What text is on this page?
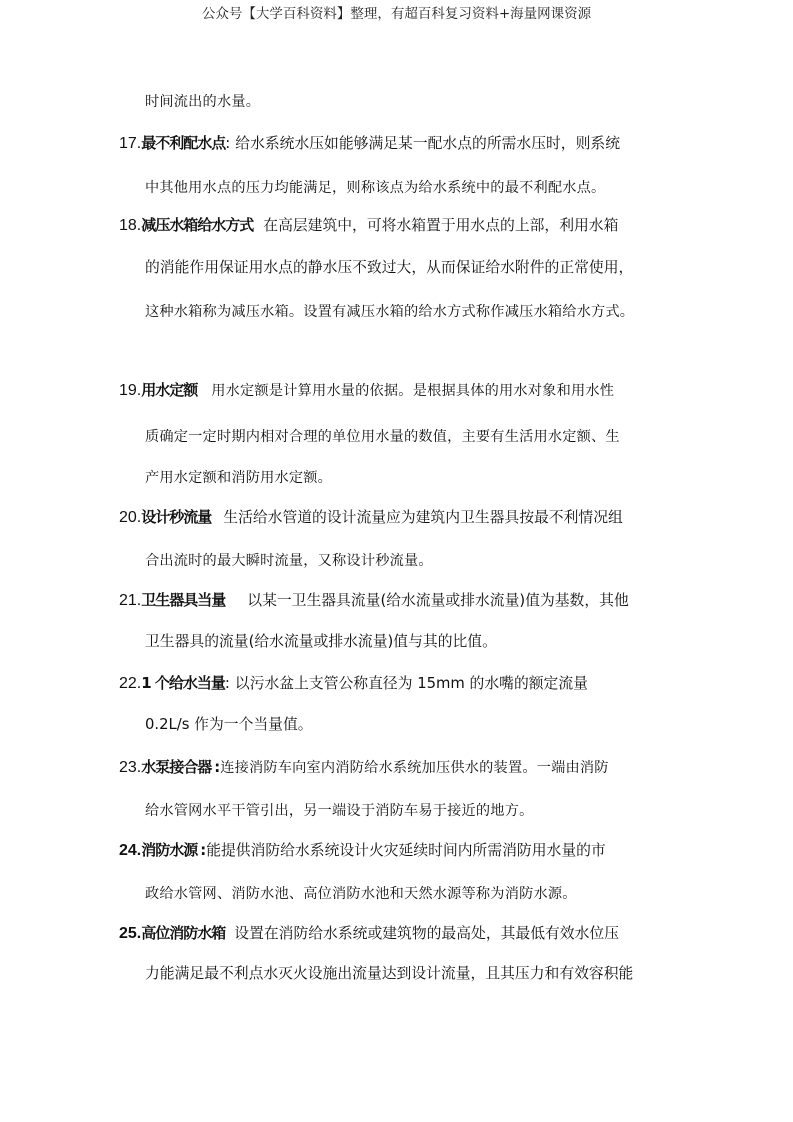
公众号【大学百科资料】整理，有超百科复习资料+海量网课资源
时间流出的水量。
17.最不利配水点: 给水系统水压如能够满足某一配水点的所需水压时，则系统
中其他用水点的压力均能满足，则称该点为给水系统中的最不利配水点。
18.减压水箱给水方式 在高层建筑中，可将水箱置于用水点的上部，利用水箱
的消能作用保证用水点的静水压不致过大，从而保证给水附件的正常使用，
这种水箱称为减压水箱。设置有减压水箱的给水方式称作减压水箱给水方式。
19.用水定额 用水定额是计算用水量的依据。是根据具体的用水对象和用水性
质确定一定时期内相对合理的单位用水量的数值，主要有生活用水定额、生
产用水定额和消防用水定额。
20.设计秒流量 生活给水管道的设计流量应为建筑内卫生器具按最不利情况组
合出流时的最大瞬时流量，又称设计秒流量。
21.卫生器具当量 以某一卫生器具流量(给水流量或排水流量)值为基数，其他
卫生器具的流量(给水流量或排水流量)值与其的比值。
22.1 个给水当量: 以污水盆上支管公称直径为 15mm 的水嘴的额定流量
0.2L/s 作为一个当量值。
23.水泵接合器 :连接消防车向室内消防给水系统加压供水的装置。一端由消防
给水管网水平干管引出，另一端设于消防车易于接近的地方。
24.消防水源 :能提供消防给水系统设计火灾延续时间内所需消防用水量的市
政给水管网、消防水池、高位消防水池和天然水源等称为消防水源。
25.高位消防水箱 设置在消防给水系统或建筑物的最高处，其最低有效水位压
力能满足最不利点水灭火设施出流量达到设计流量，且其压力和有效容积能
